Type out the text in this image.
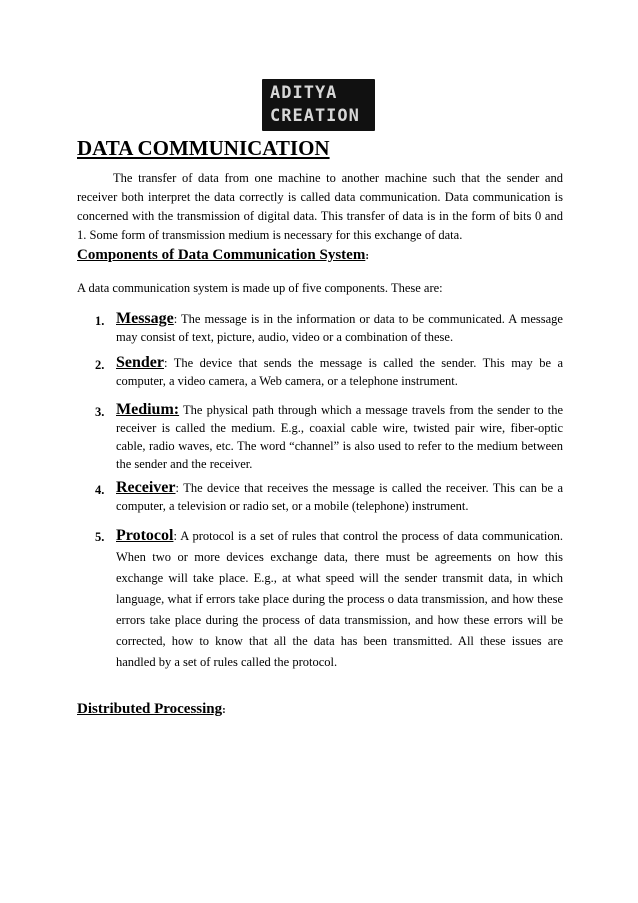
ADITYA
CREATION
DATA COMMUNICATION

The transfer of data from one machine to another machine such that the sender and receiver both interpret the data correctly is called data communication. Data communication is concerned with the transmission of digital data. This transfer of data is in the form of bits 0 and 1. Some form of transmission medium is necessary for this exchange of data.

Components of Data Communication System:

A data communication system is made up of five components. These are:

1. Message: The message is in the information or data to be communicated. A message may consist of text, picture, audio, video or a combination of these.
2. Sender: The device that sends the message is called the sender. This may be a computer, a video camera, a Web camera, or a telephone instrument.
3. Medium: The physical path through which a message travels from the sender to the receiver is called the medium. E.g., coaxial cable wire, twisted pair wire, fiber-optic cable, radio waves, etc. The word “channel” is also used to refer to the medium between the sender and the receiver.
4. Receiver: The device that receives the message is called the receiver. This can be a computer, a television or radio set, or a mobile (telephone) instrument.
5. Protocol: A protocol is a set of rules that control the process of data communication. When two or more devices exchange data, there must be agreements on how this exchange will take place. E.g., at what speed will the sender transmit data, in which language, what if errors take place during the process o data transmission, and how these errors take place during the process of data transmission, and how these errors will be corrected, how to know that all the data has been transmitted. All these issues are handled by a set of rules called the protocol.
Distributed Processing:
